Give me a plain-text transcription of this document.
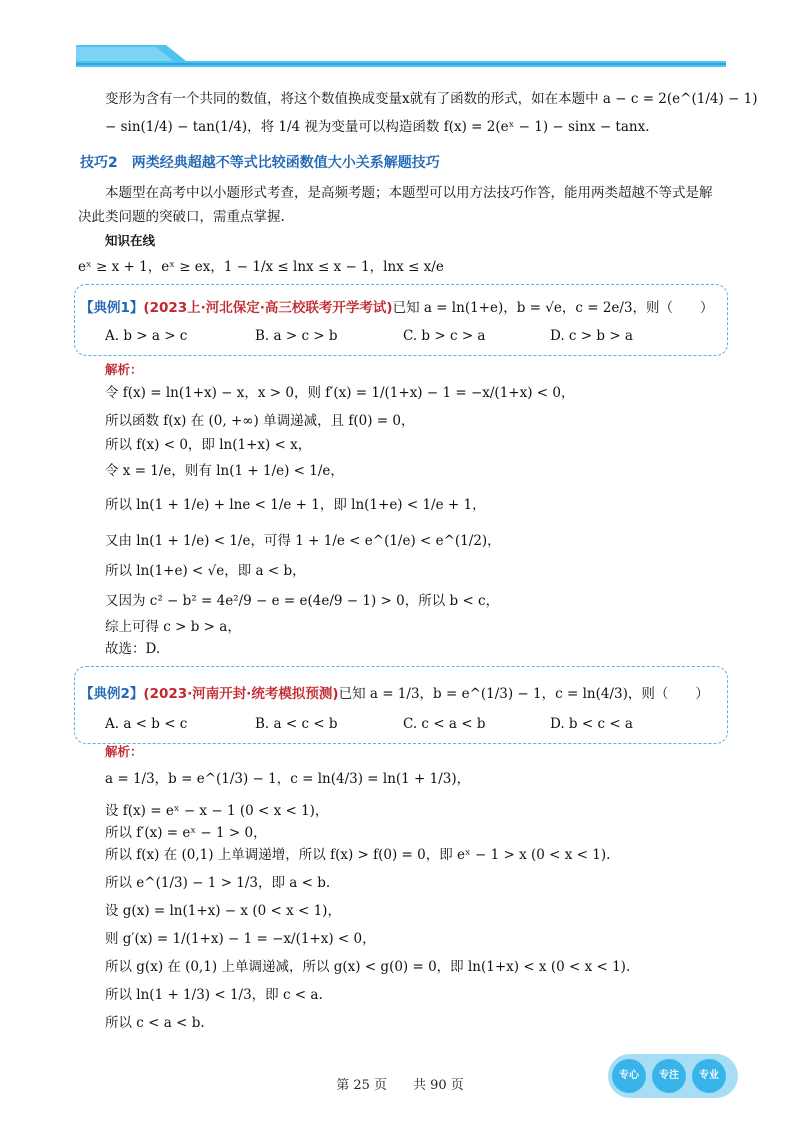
变形为含有一个共同的数值，将这个数值换成变量x就有了函数的形式，如在本题中 a − c = 2(e^(1/4) − 1)
− sin(1/4) − tan(1/4)，将 1/4 视为变量可以构造函数 f(x) = 2(eˣ − 1) − sinx − tanx.
技巧2　两类经典超越不等式比较函数值大小关系解题技巧
本题型在高考中以小题形式考查，是高频考题；本题型可以用方法技巧作答，能用两类超越不等式是解
决此类问题的突破口，需重点掌握.
知识在线
eˣ ≥ x + 1，eˣ ≥ ex，1 − 1/x ≤ lnx ≤ x − 1，lnx ≤ x/e
【典例1】(2023上·河北保定·高三校联考开学考试)已知 a = ln(1+e)，b = √e，c = 2e/3，则（　　）
A. b > a > c	B. a > c > b	C. b > c > a	D. c > b > a
解析：
令 f(x) = ln(1+x) − x，x > 0，则 f′(x) = 1/(1+x) − 1 = −x/(1+x) < 0，
所以函数 f(x) 在 (0, +∞) 单调递减，且 f(0) = 0，
所以 f(x) < 0，即 ln(1+x) < x，
令 x = 1/e，则有 ln(1 + 1/e) < 1/e，
所以 ln(1 + 1/e) + lne < 1/e + 1，即 ln(1+e) < 1/e + 1，
又由 ln(1 + 1/e) < 1/e，可得 1 + 1/e < e^(1/e) < e^(1/2)，
所以 ln(1+e) < √e，即 a < b，
又因为 c² − b² = 4e²/9 − e = e(4e/9 − 1) > 0，所以 b < c，
综上可得 c > b > a，
故选：D.
【典例2】(2023·河南开封·统考模拟预测)已知 a = 1/3，b = e^(1/3) − 1，c = ln(4/3)，则（　　）
A. a < b < c	B. a < c < b	C. c < a < b	D. b < c < a
解析：
a = 1/3，b = e^(1/3) − 1，c = ln(4/3) = ln(1 + 1/3)，
设 f(x) = eˣ − x − 1 (0 < x < 1)，
所以 f′(x) = eˣ − 1 > 0，
所以 f(x) 在 (0,1) 上单调递增，所以 f(x) > f(0) = 0，即 eˣ − 1 > x (0 < x < 1).
所以 e^(1/3) − 1 > 1/3，即 a < b.
设 g(x) = ln(1+x) − x (0 < x < 1)，
则 g′(x) = 1/(1+x) − 1 = −x/(1+x) < 0，
所以 g(x) 在 (0,1) 上单调递减，所以 g(x) < g(0) = 0，即 ln(1+x) < x (0 < x < 1).
所以 ln(1 + 1/3) < 1/3，即 c < a.
所以 c < a < b.
第 25 页　　共 90 页
专心	专注	专业
